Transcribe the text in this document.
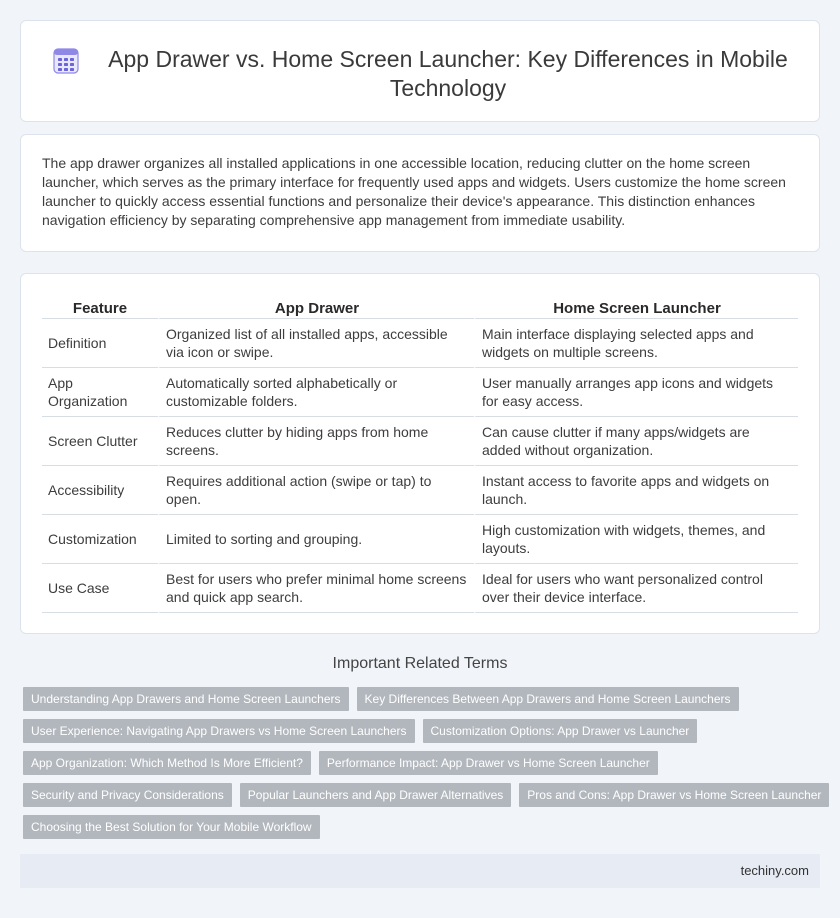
App Drawer vs. Home Screen Launcher: Key Differences in Mobile Technology

The app drawer organizes all installed applications in one accessible location, reducing clutter on the home screen launcher, which serves as the primary interface for frequently used apps and widgets. Users customize the home screen launcher to quickly access essential functions and personalize their device's appearance. This distinction enhances navigation efficiency by separating comprehensive app management from immediate usability.

Feature	App Drawer	Home Screen Launcher
Definition	Organized list of all installed apps, accessible via icon or swipe.	Main interface displaying selected apps and widgets on multiple screens.
App Organization	Automatically sorted alphabetically or customizable folders.	User manually arranges app icons and widgets for easy access.
Screen Clutter	Reduces clutter by hiding apps from home screens.	Can cause clutter if many apps/widgets are added without organization.
Accessibility	Requires additional action (swipe or tap) to open.	Instant access to favorite apps and widgets on launch.
Customization	Limited to sorting and grouping.	High customization with widgets, themes, and layouts.
Use Case	Best for users who prefer minimal home screens and quick app search.	Ideal for users who want personalized control over their device interface.
Important Related Terms
Understanding App Drawers and Home Screen Launchers	Key Differences Between App Drawers and Home Screen Launchers
User Experience: Navigating App Drawers vs Home Screen Launchers	Customization Options: App Drawer vs Launcher
App Organization: Which Method Is More Efficient?	Performance Impact: App Drawer vs Home Screen Launcher
Security and Privacy Considerations	Popular Launchers and App Drawer Alternatives	Pros and Cons: App Drawer vs Home Screen Launcher
Choosing the Best Solution for Your Mobile Workflow
techiny.com
